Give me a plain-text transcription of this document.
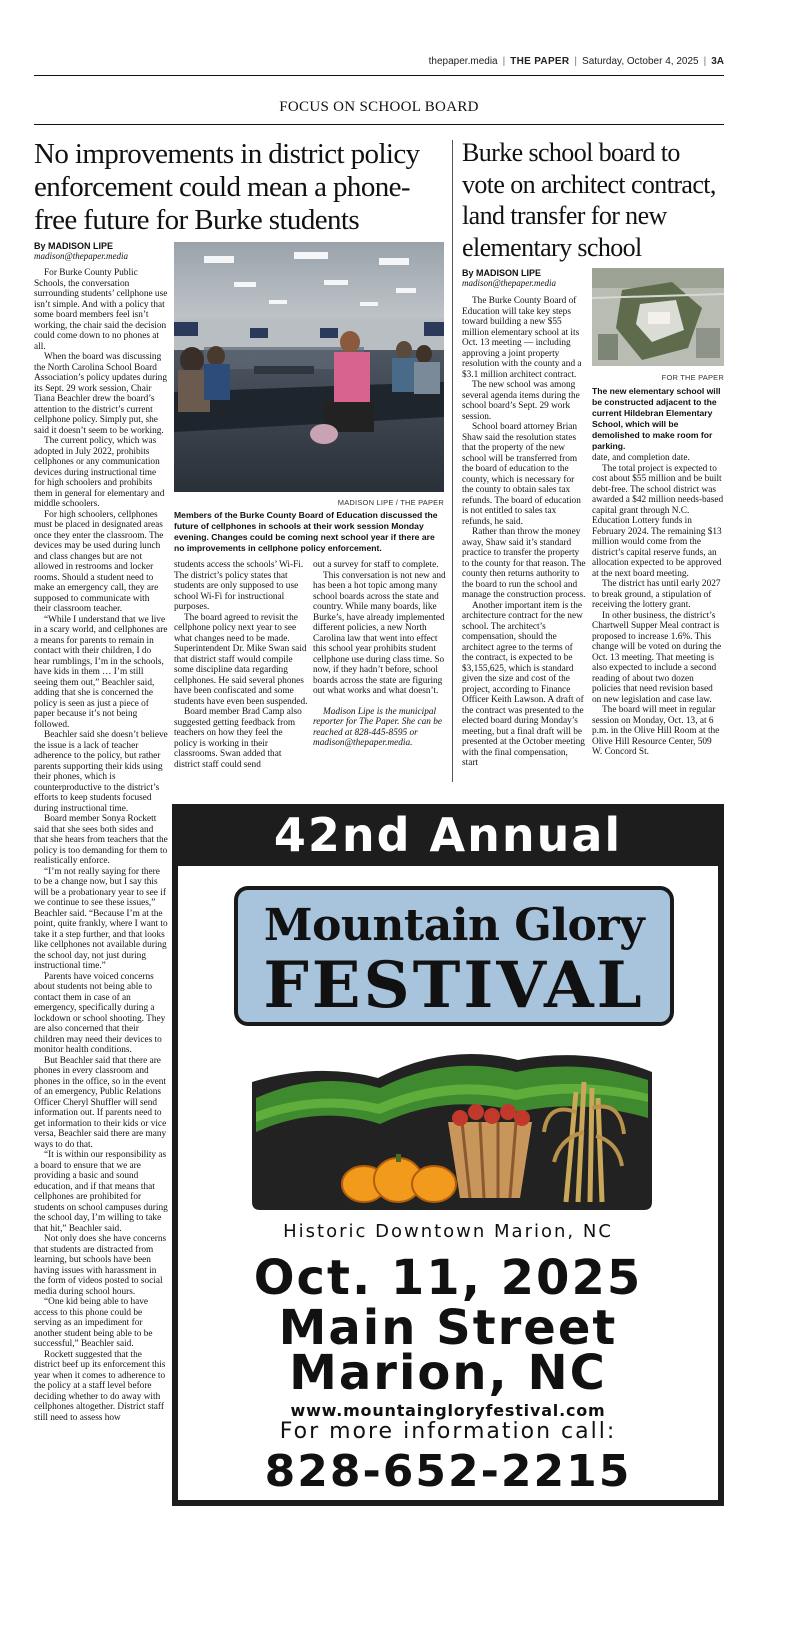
thepaper.media | THE PAPER | Saturday, October 4, 2025 | 3A
FOCUS ON SCHOOL BOARD
No improvements in district policy enforcement could mean a phone-free future for Burke students
By MADISON LIPE
madison@thepaper.media

For Burke County Public Schools, the conversation surrounding students’ cellphone use isn’t simple. And with a policy that some board members feel isn’t working, the chair said the decision could come down to no phones at all.

When the board was discussing the North Carolina School Board Association’s policy updates during its Sept. 29 work session, Chair Tiana Beachler drew the board’s attention to the district’s current cellphone policy. Simply put, she said it doesn’t seem to be working.

The current policy, which was adopted in July 2022, prohibits cellphones or any communication devices during instructional time for high schoolers and prohibits them in general for elementary and middle schoolers.

For high schoolers, cellphones must be placed in designated areas once they enter the classroom. The devices may be used during lunch and class changes but are not allowed in restrooms and locker rooms. Should a student need to make an emergency call, they are supposed to communicate with their classroom teacher.

“While I understand that we live in a scary world, and cellphones are a means for parents to remain in contact with their children, I do hear rumblings, I’m in the schools, have kids in them … I’m still seeing them out,” Beachler said, adding that she is concerned the policy is seen as just a piece of paper because it’s not being followed.

Beachler said she doesn’t believe the issue is a lack of teacher adherence to the policy, but rather parents supporting their kids using their phones, which is counterproductive to the district’s efforts to keep students focused during instructional time.

Board member Sonya Rockett said that she sees both sides and that she hears from teachers that the policy is too demanding for them to realistically enforce.

“I’m not really saying for there to be a change now, but I say this will be a probationary year to see if we continue to see these issues,” Beachler said. “Because I’m at the point, quite frankly, where I want to take it a step further, and that looks like cellphones not available during the school day, not just during instructional time.”

Parents have voiced concerns about students not being able to contact them in case of an emergency, specifically during a lockdown or school shooting. They are also concerned that their children may need their devices to monitor health conditions.

But Beachler said that there are phones in every classroom and phones in the office, so in the event of an emergency, Public Relations Officer Cheryl Shuffler will send information out. If parents need to get information to their kids or vice versa, Beachler said there are many ways to do that.

“It is within our responsibility as a board to ensure that we are providing a basic and sound education, and if that means that cellphones are prohibited for students on school campuses during the school day, I’m willing to take that hit,” Beachler said.

Not only does she have concerns that students are distracted from learning, but schools have been having issues with harassment in the form of videos posted to social media during school hours.

“One kid being able to have access to this phone could be serving as an impediment for another student being able to be successful,” Beachler said.

Rockett suggested that the district beef up its enforcement this year when it comes to adherence to the policy at a staff level before deciding whether to do away with cellphones altogether. District staff still need to assess how

MADISON LIPE / THE PAPER
Members of the Burke County Board of Education discussed the future of cellphones in schools at their work session Monday evening. Changes could be coming next school year if there are no improvements in cellphone policy enforcement.

students access the schools’ Wi-Fi. The district’s policy states that students are only supposed to use school Wi-Fi for instructional purposes.

The board agreed to revisit the cellphone policy next year to see what changes need to be made. Superintendent Dr. Mike Swan said that district staff would compile some discipline data regarding cellphones. He said several phones have been confiscated and some students have even been suspended.

Board member Brad Camp also suggested getting feedback from teachers on how they feel the policy is working in their classrooms. Swan added that district staff could send

out a survey for staff to complete.

This conversation is not new and has been a hot topic among many school boards across the state and country. While many boards, like Burke’s, have already implemented different policies, a new North Carolina law that went into effect this school year prohibits student cellphone use during class time. So now, if they hadn’t before, school boards across the state are figuring out what works and what doesn’t.

Madison Lipe is the municipal reporter for The Paper. She can be reached at 828-445-8595 or madison@thepaper.media.

Burke school board to vote on architect contract, land transfer for new elementary school
By MADISON LIPE
madison@thepaper.media

The Burke County Board of Education will take key steps toward building a new $55 million elementary school at its Oct. 13 meeting — including approving a joint property resolution with the county and a $3.1 million architect contract.

The new school was among several agenda items during the school board’s Sept. 29 work session.

School board attorney Brian Shaw said the resolution states that the property of the new school will be transferred from the board of education to the county, which is necessary for the county to obtain sales tax refunds. The board of education is not entitled to sales tax refunds, he said.

Rather than throw the money away, Shaw said it’s standard practice to transfer the property to the county for that reason. The county then returns authority to the board to run the school and manage the construction process.

Another important item is the architecture contract for the new school. The architect’s compensation, should the architect agree to the terms of the contract, is expected to be $3,155,625, which is standard given the size and cost of the project, according to Finance Officer Keith Lawson. A draft of the contract was presented to the elected board during Monday’s meeting, but a final draft will be presented at the October meeting with the final compensation, start

FOR THE PAPER
The new elementary school will be constructed adjacent to the current Hildebran Elementary School, which will be demolished to make room for parking.

date, and completion date.

The total project is expected to cost about $55 million and be built debt-free. The school district was awarded a $42 million needs-based capital grant through N.C. Education Lottery funds in February 2024. The remaining $13 million would come from the district’s capital reserve funds, an allocation expected to be approved at the next board meeting.

The district has until early 2027 to break ground, a stipulation of receiving the lottery grant.

In other business, the district’s Chartwell Supper Meal contract is proposed to increase 1.6%. This change will be voted on during the Oct. 13 meeting. That meeting is also expected to include a second reading of about two dozen policies that need revision based on new legislation and case law.

The board will meet in regular session on Monday, Oct. 13, at 6 p.m. in the Olive Hill Room at the Olive Hill Resource Center, 509 W. Concord St.

42nd Annual
Mountain Glory
FESTIVAL
Historic Downtown Marion, NC
Oct. 11, 2025
Main Street
Marion, NC
www.mountaingloryfestival.com
For more information call:
828-652-2215
